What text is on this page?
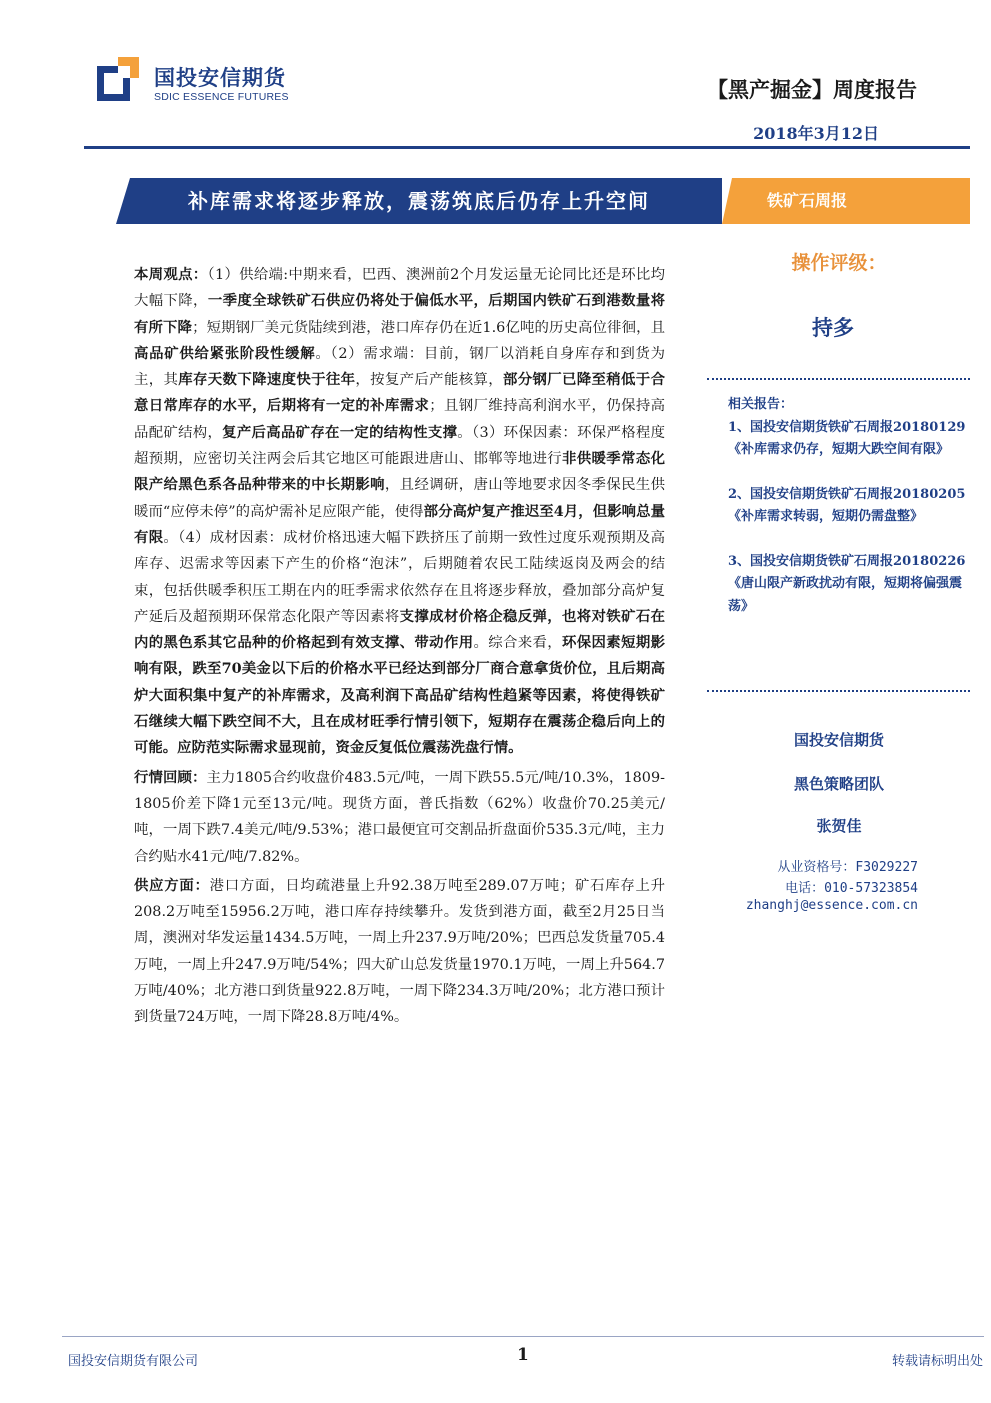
国投安信期货
SDIC ESSENCE FUTURES	【黑产掘金】周度报告
2018年3月12日
补库需求将逐步释放，震荡筑底后仍存上升空间	铁矿石周报

本周观点：（1）供给端:中期来看，巴西、澳洲前2个月发运量无论同比还是环比均大幅下降，一季度全球铁矿石供应仍将处于偏低水平，后期国内铁矿石到港数量将有所下降；短期钢厂美元货陆续到港，港口库存仍在近1.6亿吨的历史高位徘徊，且高品矿供给紧张阶段性缓解。（2）需求端：目前，钢厂以消耗自身库存和到货为主，其库存天数下降速度快于往年，按复产后产能核算，部分钢厂已降至稍低于合意日常库存的水平，后期将有一定的补库需求；且钢厂维持高利润水平，仍保持高品配矿结构，复产后高品矿存在一定的结构性支撑。（3）环保因素：环保严格程度超预期，应密切关注两会后其它地区可能跟进唐山、邯郸等地进行非供暖季常态化限产给黑色系各品种带来的中长期影响，且经调研，唐山等地要求因冬季保民生供暖而“应停未停”的高炉需补足应限产能，使得部分高炉复产推迟至4月，但影响总量有限。（4）成材因素：成材价格迅速大幅下跌挤压了前期一致性过度乐观预期及高库存、迟需求等因素下产生的价格“泡沫”，后期随着农民工陆续返岗及两会的结束，包括供暖季积压工期在内的旺季需求依然存在且将逐步释放，叠加部分高炉复产延后及超预期环保常态化限产等因素将支撑成材价格企稳反弹，也将对铁矿石在内的黑色系其它品种的价格起到有效支撑、带动作用。综合来看，环保因素短期影响有限，跌至70美金以下后的价格水平已经达到部分厂商合意拿货价位，且后期高炉大面积集中复产的补库需求，及高利润下高品矿结构性趋紧等因素，将使得铁矿石继续大幅下跌空间不大，且在成材旺季行情引领下，短期存在震荡企稳后向上的可能。应防范实际需求显现前，资金反复低位震荡洗盘行情。

行情回顾：主力1805合约收盘价483.5元/吨，一周下跌55.5元/吨/10.3%，1809-1805价差下降1元至13元/吨。现货方面，普氏指数（62%）收盘价70.25美元/吨，一周下跌7.4美元/吨/9.53%；港口最便宜可交割品折盘面价535.3元/吨，主力合约贴水41元/吨/7.82%。

供应方面：港口方面，日均疏港量上升92.38万吨至289.07万吨；矿石库存上升208.2万吨至15956.2万吨，港口库存持续攀升。发货到港方面，截至2月25日当周，澳洲对华发运量1434.5万吨，一周上升237.9万吨/20%；巴西总发货量705.4万吨，一周上升247.9万吨/54%；四大矿山总发货量1970.1万吨，一周上升564.7万吨/40%；北方港口到货量922.8万吨，一周下降234.3万吨/20%；北方港口预计到货量724万吨，一周下降28.8万吨/4%。

操作评级：
持多
相关报告：
1、国投安信期货铁矿石周报20180129《补库需求仍存，短期大跌空间有限》
2、国投安信期货铁矿石周报20180205《补库需求转弱，短期仍需盘整》
3、国投安信期货铁矿石周报20180226《唐山限产新政扰动有限，短期将偏强震荡》
国投安信期货
黑色策略团队
张贺佳
从业资格号：F3029227
电话：010-57323854
zhanghj@essence.com.cn
国投安信期货有限公司	1	转载请标明出处
